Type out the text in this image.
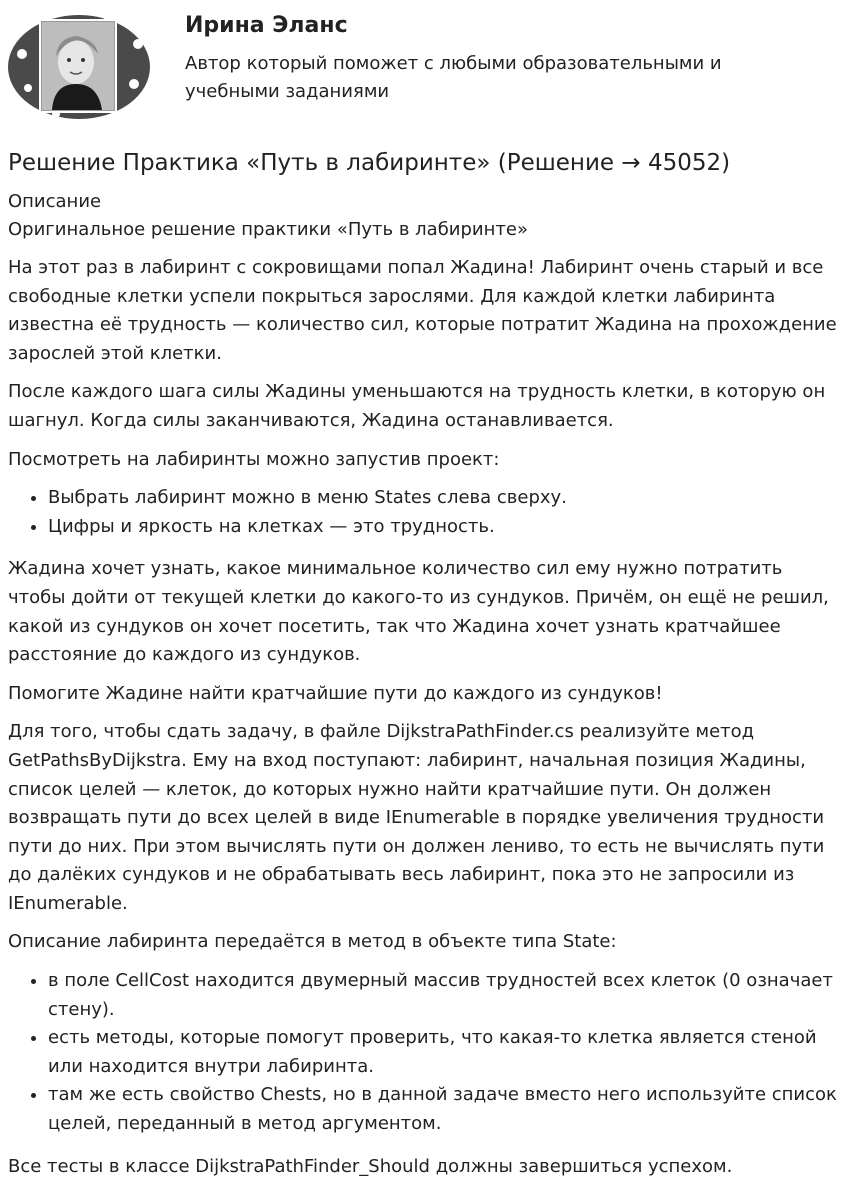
Ирина Эланс
Автор который поможет с любыми образовательными и учебными заданиями
Решение Практика «Путь в лабиринте» (Решение → 45052)
Описание
Оригинальное решение практики «Путь в лабиринте»

На этот раз в лабиринт с сокровищами попал Жадина! Лабиринт очень старый и все свободные клетки успели покрыться зарослями. Для каждой клетки лабиринта известна её трудность — количество сил, которые потратит Жадина на прохождение зарослей этой клетки.

После каждого шага силы Жадины уменьшаются на трудность клетки, в которую он шагнул. Когда силы заканчиваются, Жадина останавливается.

Посмотреть на лабиринты можно запустив проект:

• Выбрать лабиринт можно в меню States слева сверху.
• Цифры и яркость на клетках — это трудность.

Жадина хочет узнать, какое минимальное количество сил ему нужно потратить чтобы дойти от текущей клетки до какого-то из сундуков. Причём, он ещё не решил, какой из сундуков он хочет посетить, так что Жадина хочет узнать кратчайшее расстояние до каждого из сундуков.

Помогите Жадине найти кратчайшие пути до каждого из сундуков!

Для того, чтобы сдать задачу, в файле DijkstraPathFinder.cs реализуйте метод GetPathsByDijkstra. Ему на вход поступают: лабиринт, начальная позиция Жадины, список целей — клеток, до которых нужно найти кратчайшие пути. Он должен возвращать пути до всех целей в виде IEnumerable в порядке увеличения трудности пути до них. При этом вычислять пути он должен лениво, то есть не вычислять пути до далёких сундуков и не обрабатывать весь лабиринт, пока это не запросили из IEnumerable.

Описание лабиринта передаётся в метод в объекте типа State:

• в поле CellCost находится двумерный массив трудностей всех клеток (0 означает стену).
• есть методы, которые помогут проверить, что какая-то клетка является стеной или находится внутри лабиринта.
• там же есть свойство Chests, но в данной задаче вместо него используйте список целей, переданный в метод аргументом.

Все тесты в классе DijkstraPathFinder_Should должны завершиться успехом.
